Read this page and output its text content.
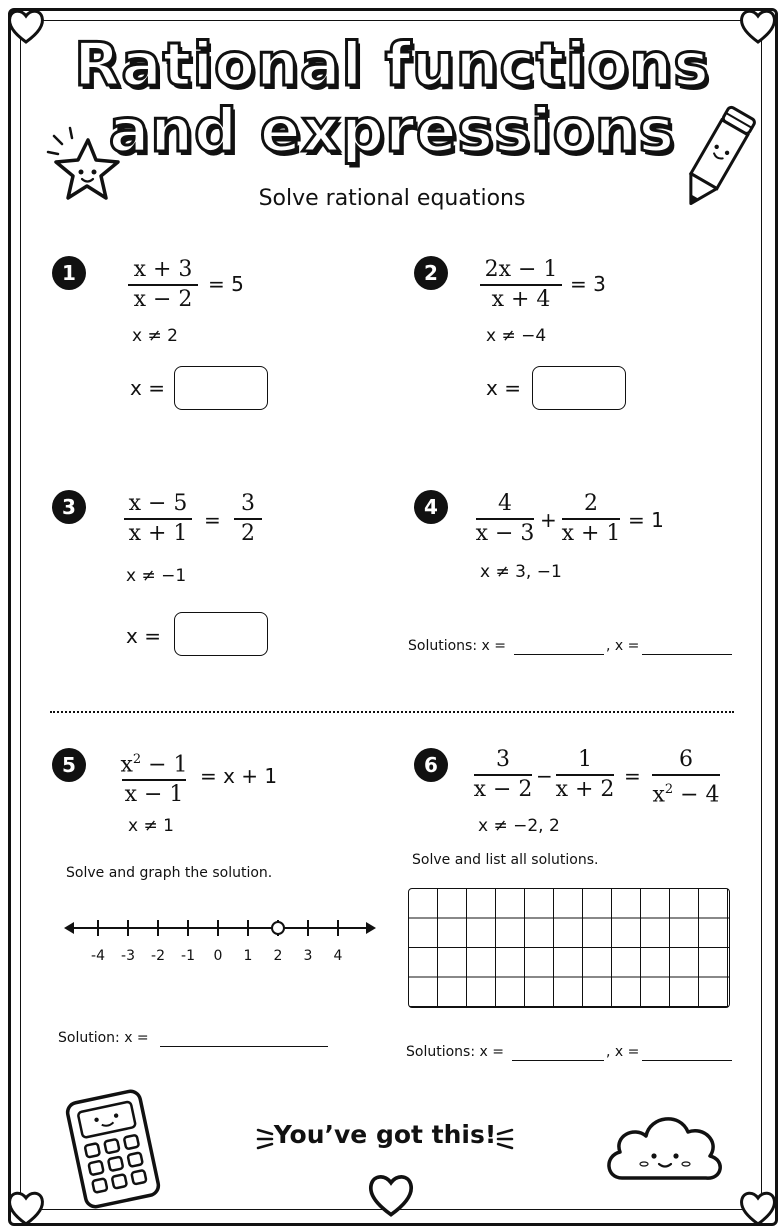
Rational functions
and expressions
Solve rational equations
1	x + 3
x − 2
= 5
x ≠ 2
x =
2	2x − 1
x + 4
= 3
x ≠ −4
x =
3	x − 5
x + 1
=
3
2
x ≠ −1
x =
4	4
x − 3
+
2
x + 1
= 1
x ≠ 3, −1
Solutions: x =	, x =
5	$x^2 - 1$
x − 1
= x + 1
x ≠ 1
Solve and graph the solution.
-4	-3	-2	-1	0	1	2	3	4
Solution: x =
6	3
x − 2
−
1
x + 2
=
6
$x^2 - 4$
x ≠ −2, 2
Solve and list all solutions.
Solutions: x =	, x =
You’ve got this!
